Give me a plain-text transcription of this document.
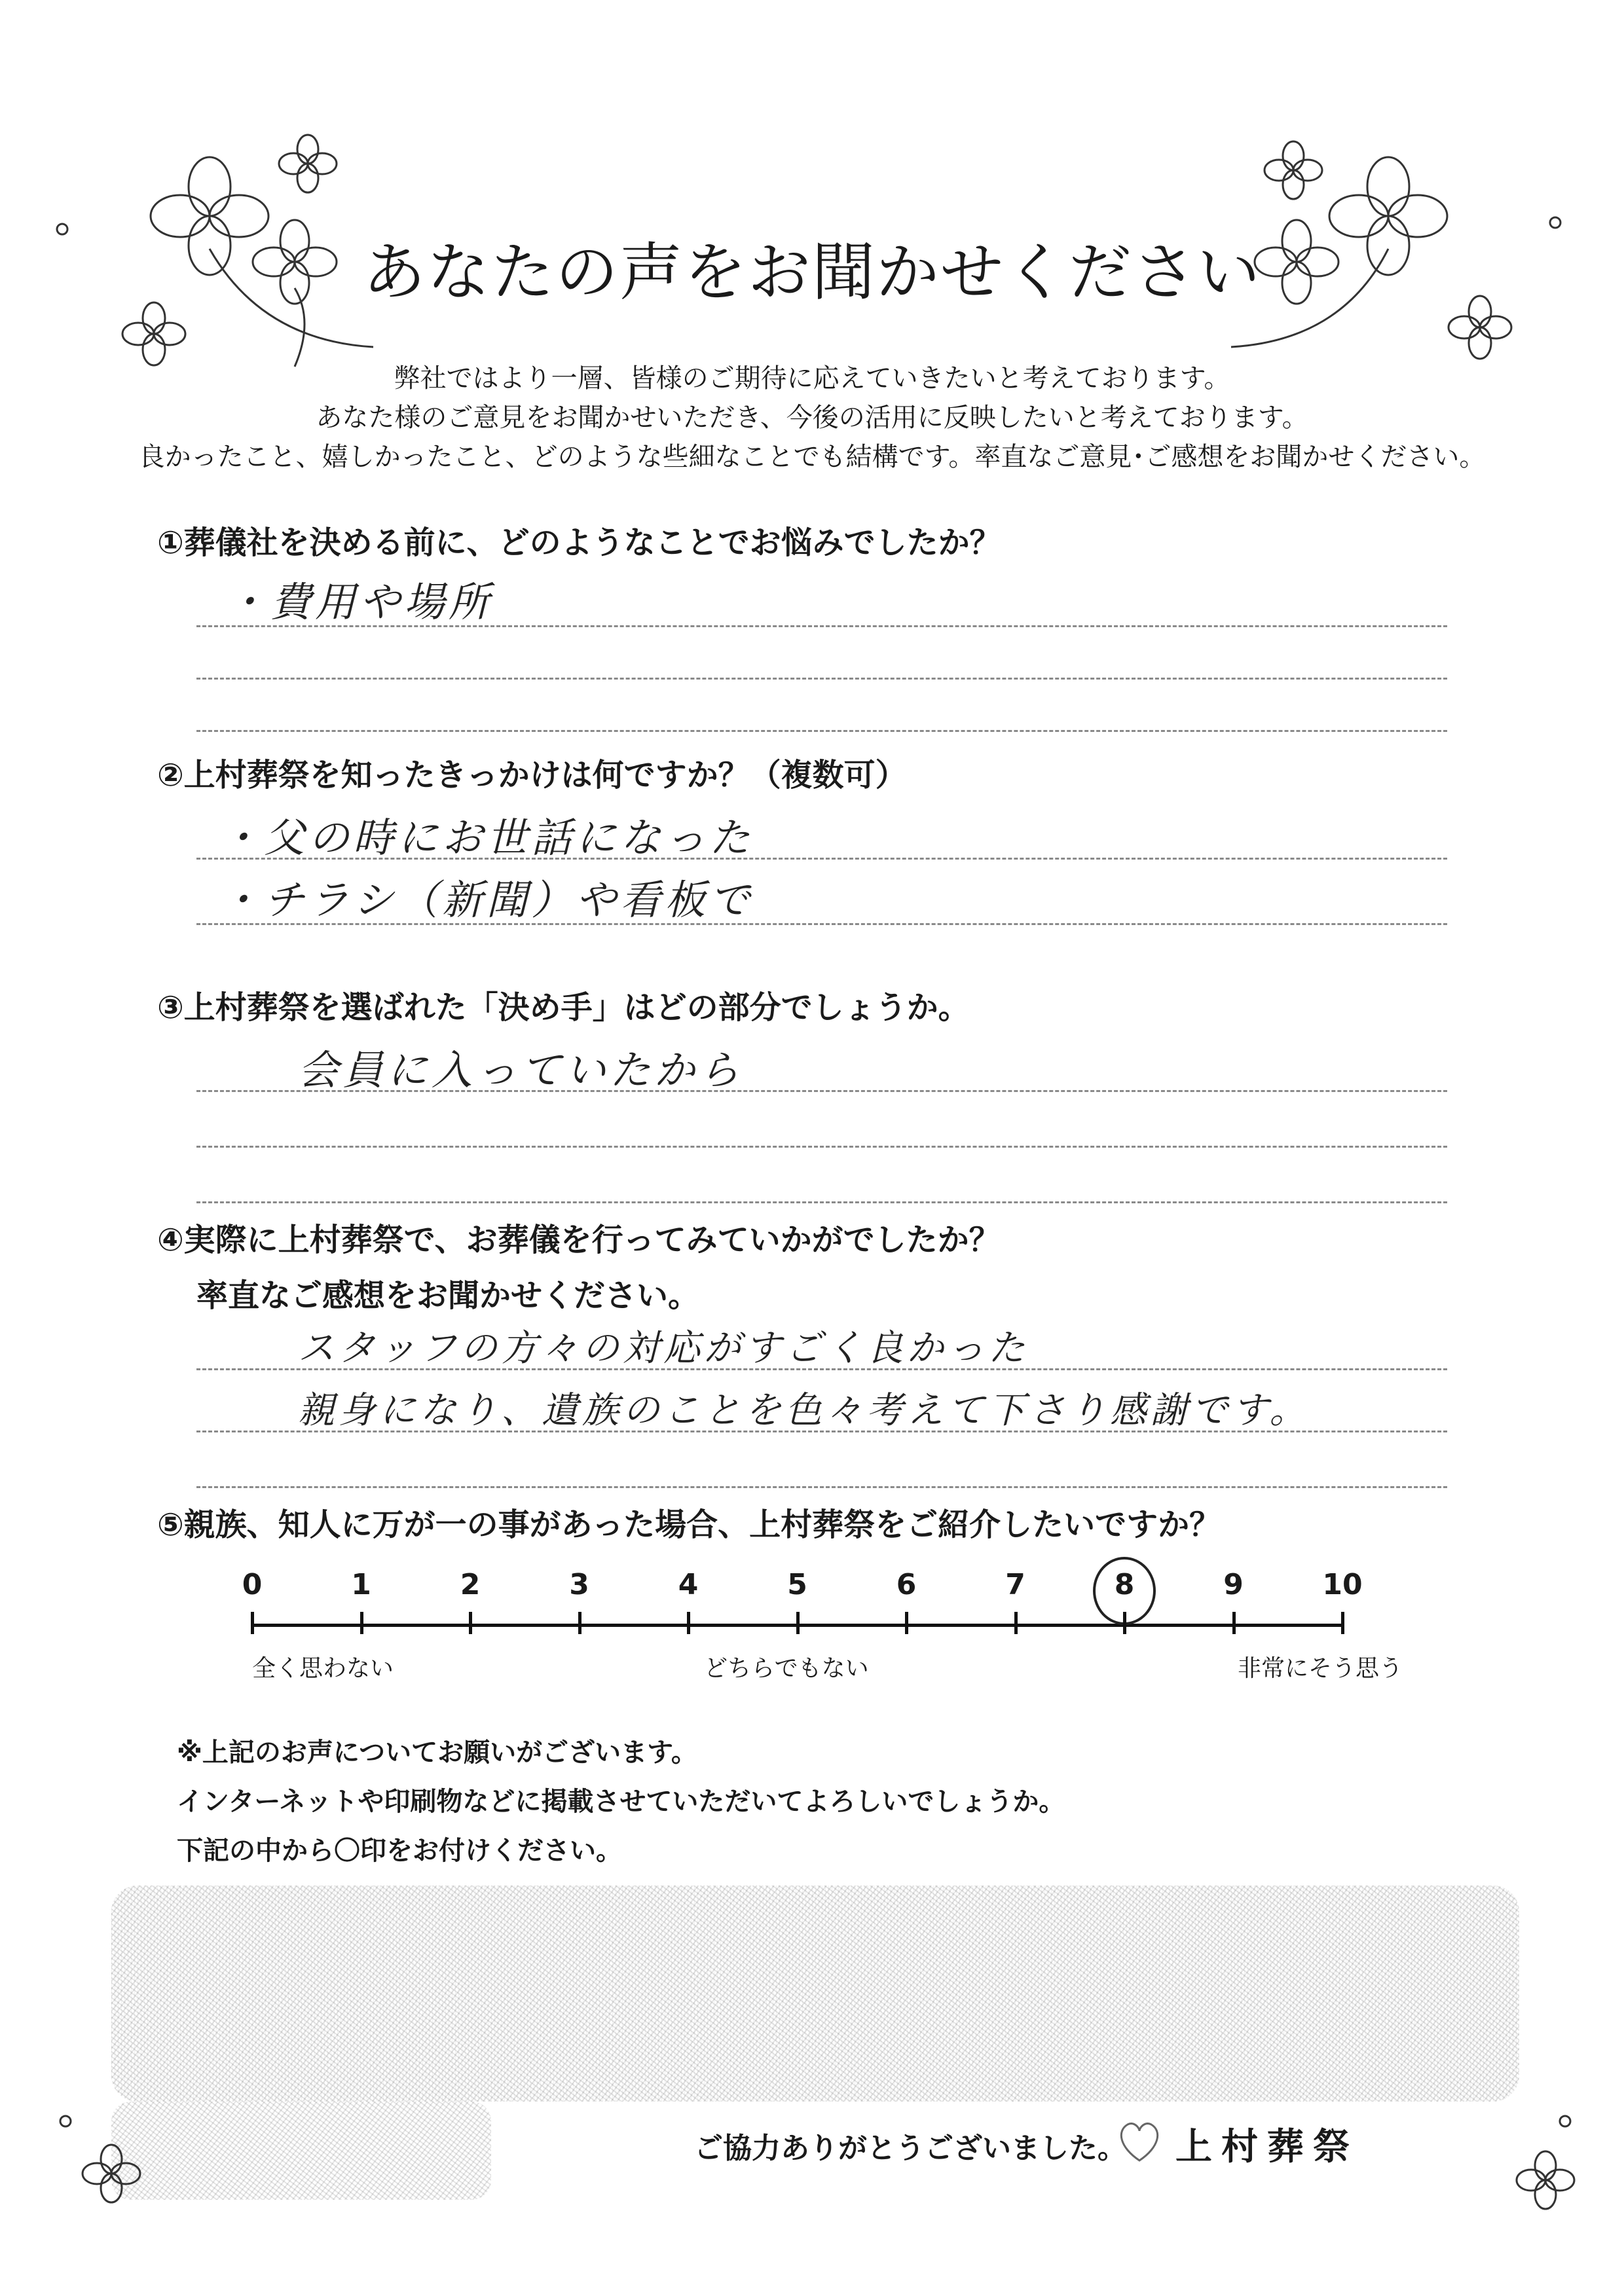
あなたの声をお聞かせください
弊社ではより一層、皆様のご期待に応えていきたいと考えております。
あなた様のご意見をお聞かせいただき、今後の活用に反映したいと考えております。
良かったこと、嬉しかったこと、どのような些細なことでも結構です。率直なご意見･ご感想をお聞かせください。
①葬儀社を決める前に、どのようなことでお悩みでしたか？
・費用や場所
②上村葬祭を知ったきっかけは何ですか？（複数可）
・父の時にお世話になった
・チラシ（新聞）や看板で
③上村葬祭を選ばれた「決め手」はどの部分でしょうか。
会員に入っていたから
④実際に上村葬祭で、お葬儀を行ってみていかがでしたか？
率直なご感想をお聞かせください。
スタッフの方々の対応がすごく良かった
親身になり、遺族のことを色々考えて下さり感謝です。
⑤親族、知人に万が一の事があった場合、上村葬祭をご紹介したいですか？
0	1	2	3	4	5	6	7	8	9	10
全く思わない	どちらでもない	非常にそう思う
※上記のお声についてお願いがございます。
インターネットや印刷物などに掲載させていただいてよろしいでしょうか。
下記の中から〇印をお付けください。
ご協力ありがとうございました。 上村葬祭
